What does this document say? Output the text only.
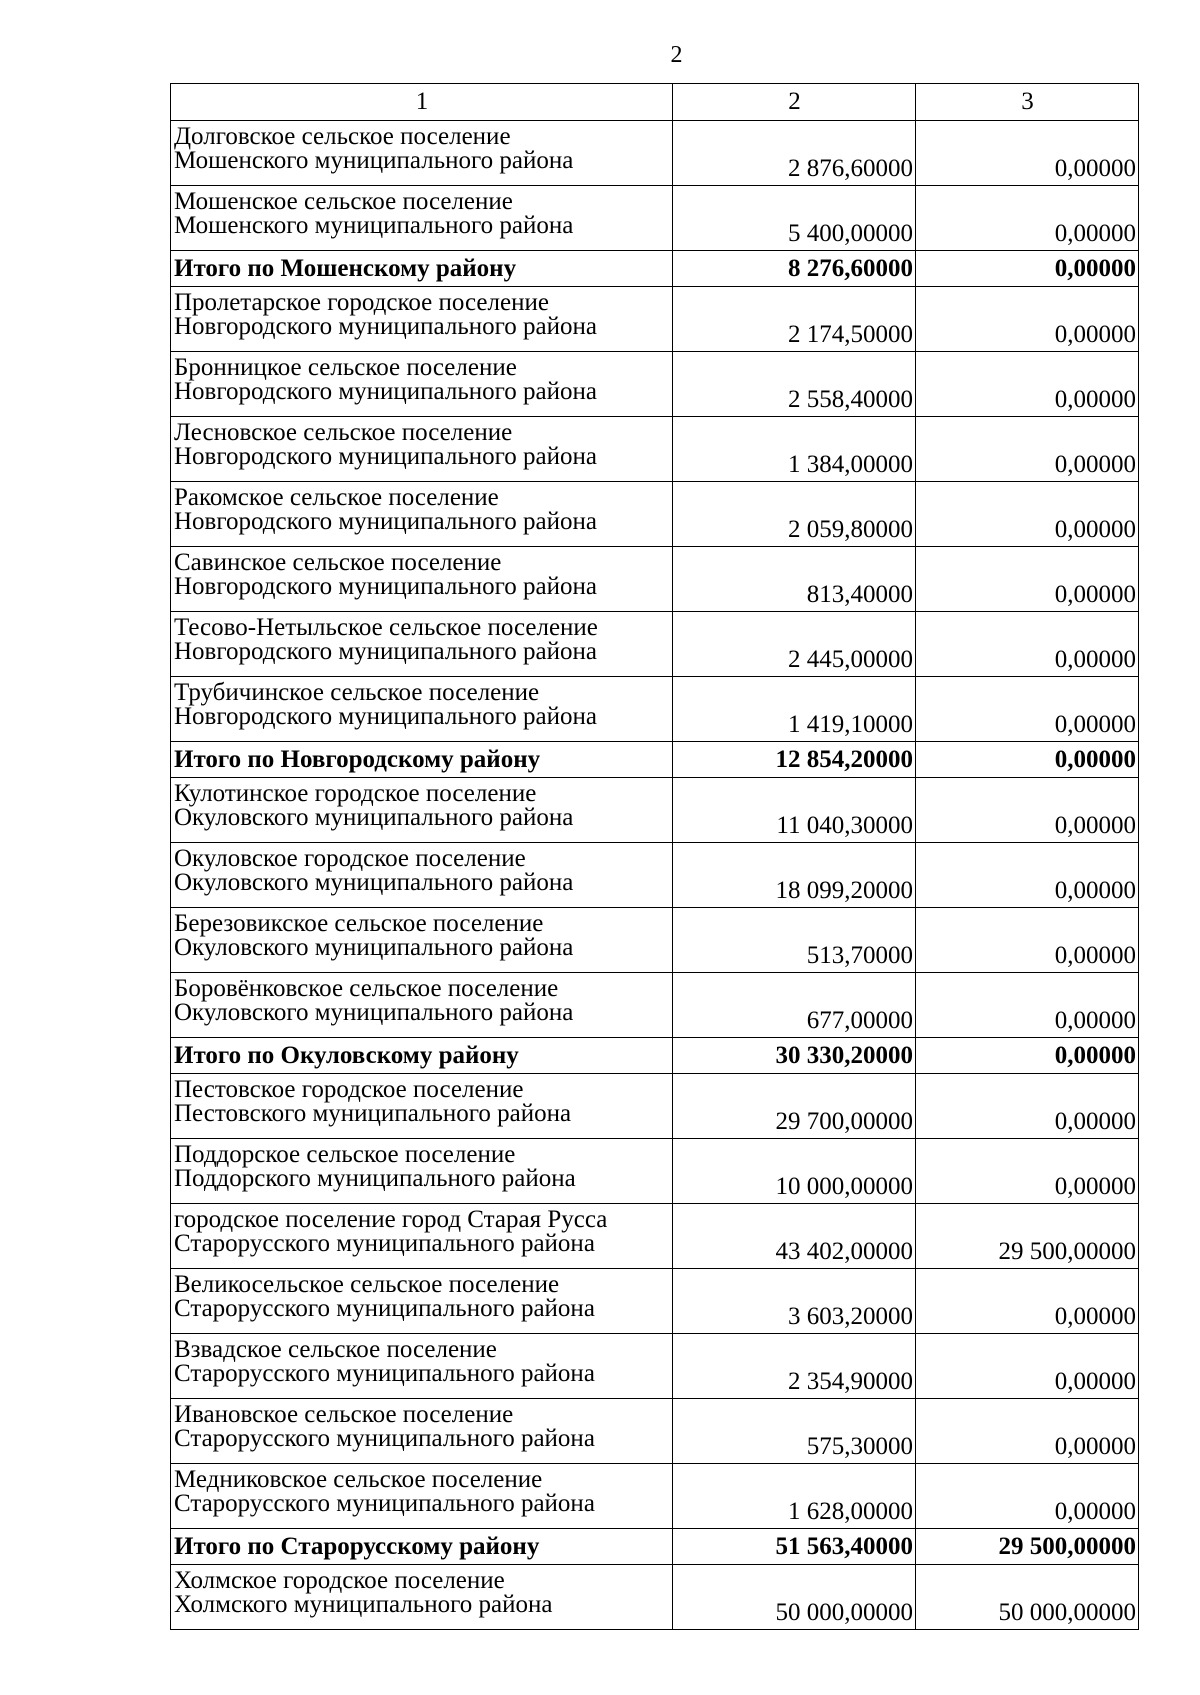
2
1	2	3

Долговское сельское поселение
Мошенского муниципального района	2 876,60000	0,00000

Мошенское сельское поселение
Мошенского муниципального района	5 400,00000	0,00000

Итого по Мошенскому району	8 276,60000	0,00000

Пролетарское городское поселение
Новгородского муниципального района	2 174,50000	0,00000

Бронницкое сельское поселение
Новгородского муниципального района	2 558,40000	0,00000

Лесновское сельское поселение
Новгородского муниципального района	1 384,00000	0,00000

Ракомское сельское поселение
Новгородского муниципального района	2 059,80000	0,00000

Савинское сельское поселение
Новгородского муниципального района	813,40000	0,00000

Тесово-Нетыльское сельское поселение
Новгородского муниципального района	2 445,00000	0,00000

Трубичинское сельское поселение
Новгородского муниципального района	1 419,10000	0,00000

Итого по Новгородскому району	12 854,20000	0,00000

Кулотинское городское поселение
Окуловского муниципального района	11 040,30000	0,00000

Окуловское городское поселение
Окуловского муниципального района	18 099,20000	0,00000

Березовикское сельское поселение
Окуловского муниципального района	513,70000	0,00000

Боровёнковское сельское поселение
Окуловского муниципального района	677,00000	0,00000

Итого по Окуловскому району	30 330,20000	0,00000

Пестовское городское поселение
Пестовского муниципального района	29 700,00000	0,00000

Поддорское сельское поселение
Поддорского муниципального района	10 000,00000	0,00000

городское поселение город Старая Русса
Старорусского муниципального района	43 402,00000	29 500,00000

Великосельское сельское поселение
Старорусского муниципального района	3 603,20000	0,00000

Взвадское сельское поселение
Старорусского муниципального района	2 354,90000	0,00000

Ивановское сельское поселение
Старорусского муниципального района	575,30000	0,00000

Медниковское сельское поселение
Старорусского муниципального района	1 628,00000	0,00000

Итого по Старорусскому району	51 563,40000	29 500,00000

Холмское городское поселение
Холмского муниципального района	50 000,00000	50 000,00000
